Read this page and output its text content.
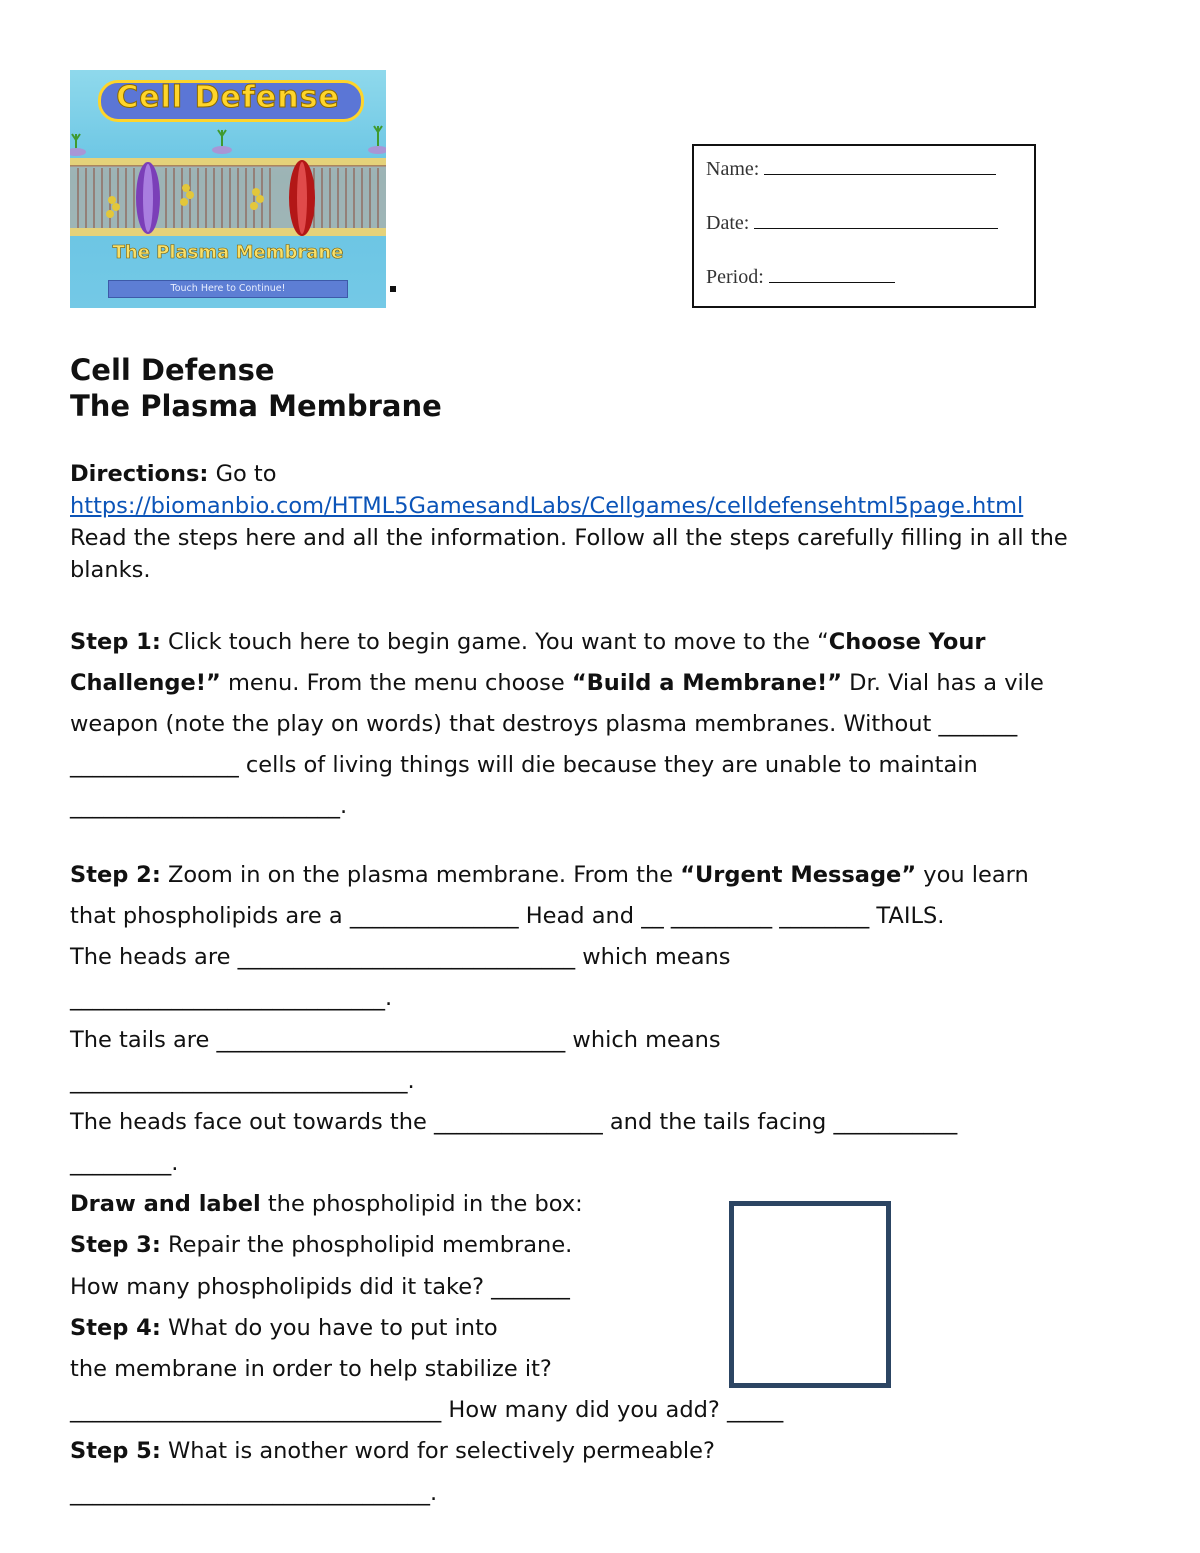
Cell Defense
The Plasma Membrane
Touch Here to Continue!
Name:
Date:
Period:
Cell Defense
The Plasma Membrane
Directions: Go to
https://biomanbio.com/HTML5GamesandLabs/Cellgames/celldefensehtml5page.html
Read the steps here and all the information. Follow all the steps carefully filling in all the
blanks.
Step 1: Click touch here to begin game. You want to move to the “Choose Your
Challenge!” menu. From the menu choose “Build a Membrane!” Dr. Vial has a vile
weapon (note the play on words) that destroys plasma membranes. Without _______
_______________ cells of living things will die because they are unable to maintain
________________________.
Step 2: Zoom in on the plasma membrane. From the “Urgent Message” you learn
that phospholipids are a _______________ Head and __ _________ ________ TAILS.
The heads are ______________________________ which means
____________________________.
The tails are _______________________________ which means
______________________________.
The heads face out towards the _______________ and the tails facing ___________
_________.
Draw and label the phospholipid in the box:
Step 3: Repair the phospholipid membrane.
How many phospholipids did it take? _______
Step 4: What do you have to put into
the membrane in order to help stabilize it?
_________________________________ How many did you add? _____
Step 5: What is another word for selectively permeable?
________________________________.
